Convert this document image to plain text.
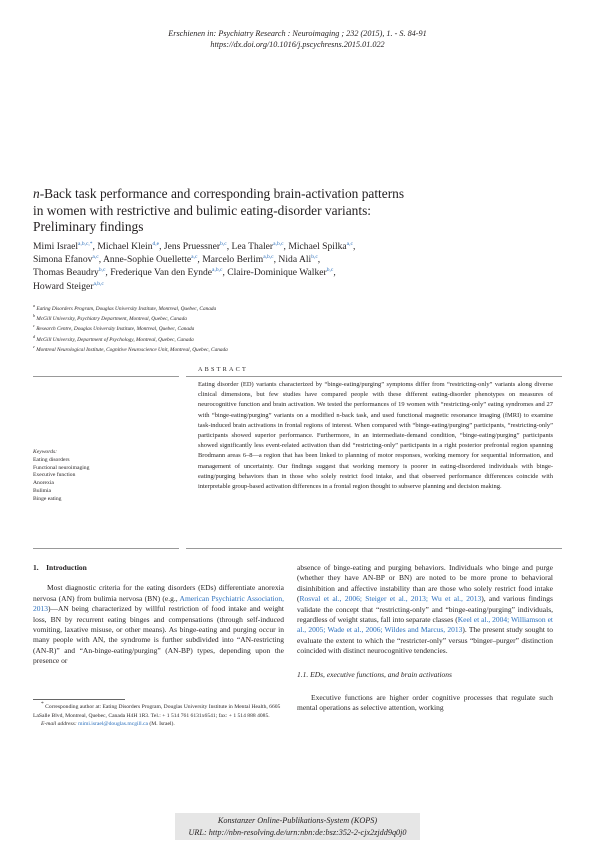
Erschienen in: Psychiatry Research : Neuroimaging ; 232 (2015), 1. - S. 84-91
https://dx.doi.org/10.1016/j.pscychresns.2015.01.022
n-Back task performance and corresponding brain-activation patterns
in women with restrictive and bulimic eating-disorder variants:
Preliminary findings
Mimi Israel$^{a,b,c,*}$, Michael Klein$^{d,e}$, Jens Pruessner$^{b,c}$, Lea Thaler$^{a,b,c}$, Michael Spilka$^{a,c}$,
Simona Efanov$^{a,c}$, Anne-Sophie Ouellette$^{a,c}$, Marcelo Berlim$^{a,b,c}$, Nida Ali$^{b,c}$,
Thomas Beaudry$^{b,c}$, Frederique Van den Eynde$^{a,b,c}$, Claire-Dominique Walker$^{b,c}$,
Howard Steiger$^{a,b,c}$
$^a$ Eating Disorders Program, Douglas University Institute, Montreal, Quebec, Canada
$^b$ McGill University, Psychiatry Department, Montreal, Quebec, Canada
$^c$ Research Centre, Douglas University Institute, Montreal, Quebec, Canada
$^d$ McGill University, Department of Psychology, Montreal, Quebec, Canada
$^e$ Montreal Neurological Institute, Cognitive Neuroscience Unit, Montreal, Quebec, Canada
ABSTRACT
Eating disorder (ED) variants characterized by “binge-eating/purging” symptoms differ from “restricting-only” variants along diverse clinical dimensions, but few studies have compared people with these different eating-disorder phenotypes on measures of neurocognitive function and brain activation. We tested the performances of 19 women with “restricting-only” eating syndromes and 27 with “binge-eating/purging” variants on a modified n-back task, and used functional magnetic resonance imaging (fMRI) to examine task-induced brain activations in frontal regions of interest. When compared with “binge-eating/purging” participants, “restricting-only” participants showed superior performance. Furthermore, in an intermediate-demand condition, “binge-eating/purging” participants showed significantly less event-related activation than did “restricting-only” participants in a right posterior prefrontal region spanning Brodmann areas 6–8—a region that has been linked to planning of motor responses, working memory for sequential information, and management of uncertainty. Our findings suggest that working memory is poorer in eating-disordered individuals with binge-eating/purging behaviors than in those who solely restrict food intake, and that observed performance differences coincide with interpretable group-based activation differences in a frontal region thought to subserve planning and decision making.
Keywords:
Eating disorders
Functional neuroimaging
Executive function
Anorexia
Bulimia
Binge eating
1. Introduction

Most diagnostic criteria for the eating disorders (EDs) differentiate anorexia nervosa (AN) from bulimia nervosa (BN) (e.g., American Psychiatric Association, 2013)—AN being characterized by willful restriction of food intake and weight loss, BN by recurrent eating binges and compensations (through self-induced vomiting, laxative misuse, or other means). As binge-eating and purging occur in many people with AN, the syndrome is further subdivided into “AN-restricting (AN-R)” and “An-binge-eating/purging” (AN-BP) types, depending upon the presence or

absence of binge-eating and purging behaviors. Individuals who binge and purge (whether they have AN-BP or BN) are noted to be more prone to behavioral disinhibition and affective instability than are those who solely restrict food intake (Rosval et al., 2006; Steiger et al., 2013; Wu et al., 2013), and various findings validate the concept that “restricting-only” and “binge-eating/purging” individuals, regardless of weight status, fall into separate classes (Keel et al., 2004; Williamson et al., 2005; Wade et al., 2006; Wildes and Marcus, 2013). The present study sought to evaluate the extent to which the “restricter-only” versus “binger–purger” distinction coincided with distinct neurocognitive tendencies.

1.1. EDs, executive functions, and brain activations

Executive functions are higher order cognitive processes that regulate such mental operations as selective attention, working

* Corresponding author at: Eating Disorders Program, Douglas University Institute in Mental Health, 6605 LaSalle Blvd, Montreal, Quebec, Canada H4H 1R3. Tel.: + 1 514 761 6131x6541; fax: + 1 514 888 4085.

E-mail address: mimi.israel@douglas.mcgill.ca (M. Israel).

Konstanzer Online-Publikations-System (KOPS)
URL: http://nbn-resolving.de/urn:nbn:de:bsz:352-2-cjx2zjdd9q0j0
